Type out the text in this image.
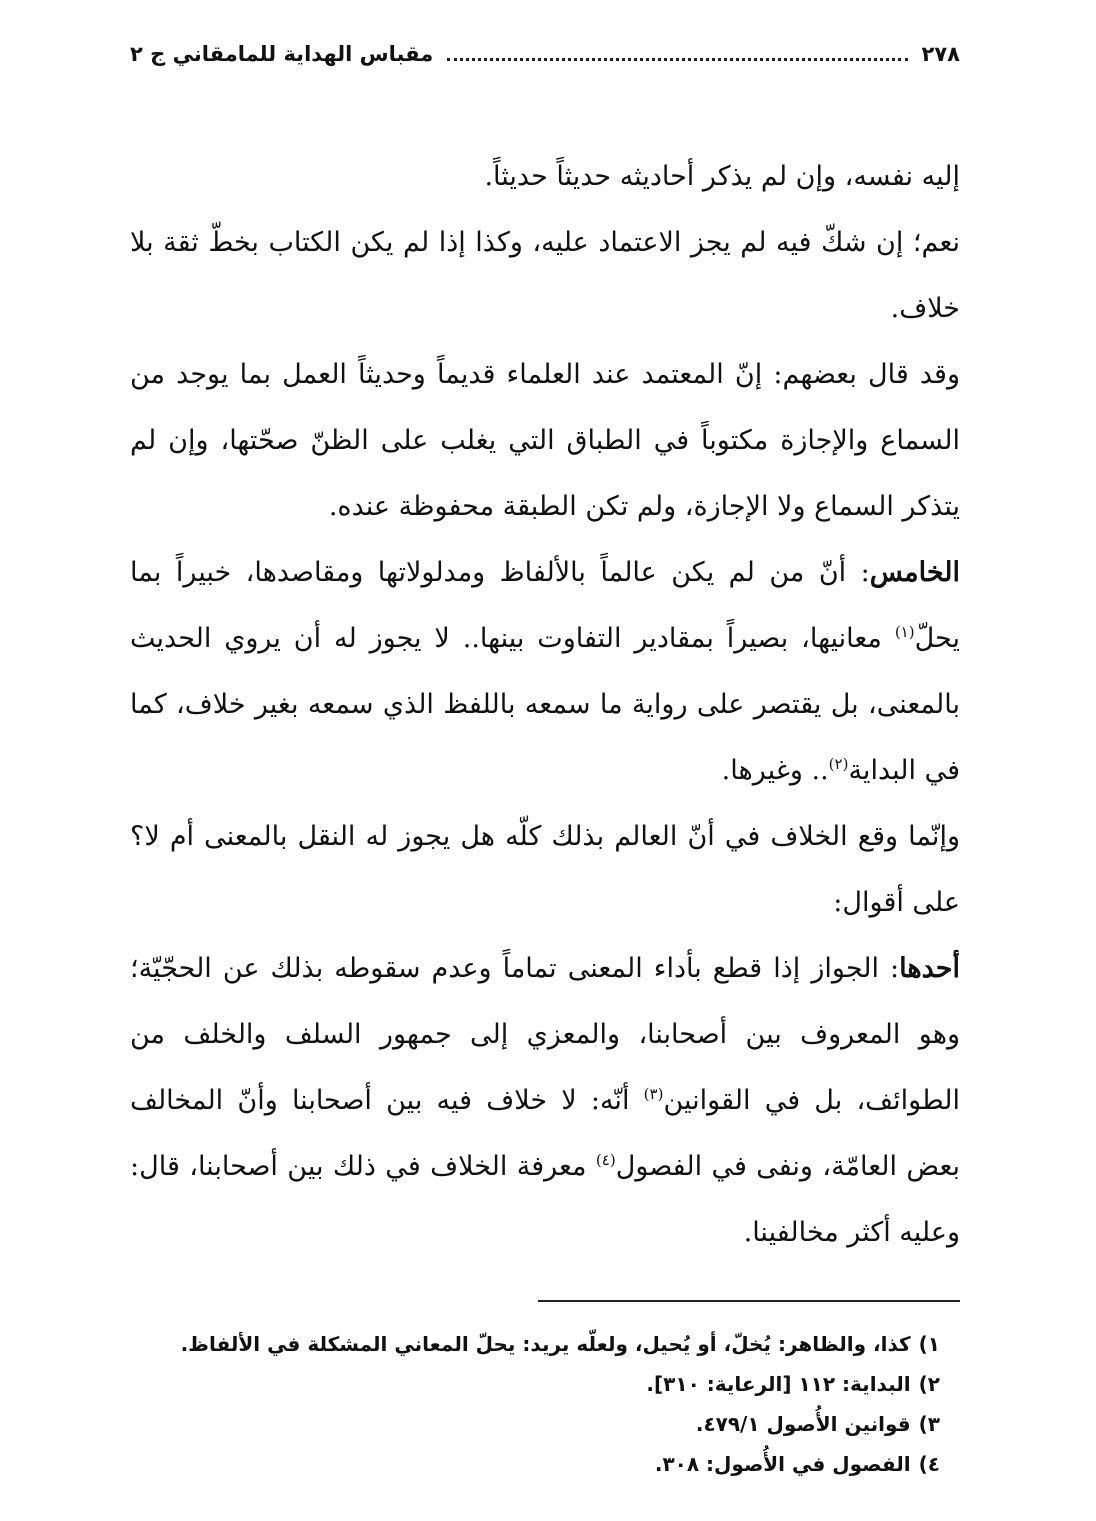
٢٧٨
مقباس الهداية للمامقاني ج ٢

إليه نفسه، وإن لم يذكر أحاديثه حديثاً حديثاً.

نعم؛ إن شكّ فيه لم يجز الاعتماد عليه، وكذا إذا لم يكن الكتاب بخطّ ثقة بلا خلاف.

وقد قال بعضهم: إنّ المعتمد عند العلماء قديماً وحديثاً العمل بما يوجد من السماع والإجازة مكتوباً في الطباق التي يغلب على الظنّ صحّتها، وإن لم يتذكر السماع ولا الإجازة، ولم تكن الطبقة محفوظة عنده.

الخامس: أنّ من لم يكن عالماً بالألفاظ ومدلولاتها ومقاصدها، خبيراً بما يحلّ$^{(١)}$ معانيها، بصيراً بمقادير التفاوت بينها.. لا يجوز له أن يروي الحديث بالمعنى، بل يقتصر على رواية ما سمعه باللفظ الذي سمعه بغير خلاف، كما في البداية$^{(٢)}$.. وغيرها.

وإنّما وقع الخلاف في أنّ العالم بذلك كلّه هل يجوز له النقل بالمعنى أم لا؟ على أقوال:

أحدها: الجواز إذا قطع بأداء المعنى تماماً وعدم سقوطه بذلك عن الحجّيّة؛ وهو المعروف بين أصحابنا، والمعزي إلى جمهور السلف والخلف من الطوائف، بل في القوانين$^{(٣)}$ أنّه: لا خلاف فيه بين أصحابنا وأنّ المخالف بعض العامّة، ونفى في الفصول$^{(٤)}$ معرفة الخلاف في ذلك بين أصحابنا، قال: وعليه أكثر مخالفينا.

١)
كذا، والظاهر: يُخلّ، أو يُحيل، ولعلّه يريد: يحلّ المعاني المشكلة في الألفاظ.
٢)
البداية: ١١٢ [الرعاية: ٣١٠].
٣)
قوانين الأُصول ٤٧٩/١.
٤)
الفصول في الأُصول: ٣٠٨.
